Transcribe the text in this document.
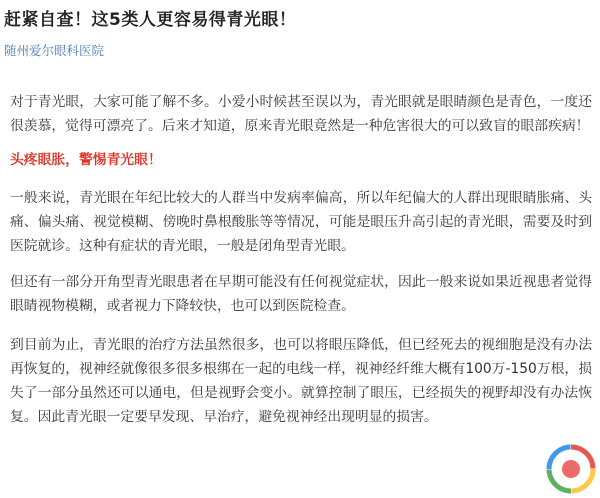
赶紧自查！这5类人更容易得青光眼！
随州爱尔眼科医院

对于青光眼，大家可能了解不多。小爱小时候甚至误以为，青光眼就是眼睛颜色是青色，一度还很羡慕，觉得可漂亮了。后来才知道，原来青光眼竟然是一种危害很大的可以致盲的眼部疾病！

头疼眼胀，警惕青光眼！

一般来说，青光眼在年纪比较大的人群当中发病率偏高，所以年纪偏大的人群出现眼睛胀痛、头痛、偏头痛、视觉模糊、傍晚时鼻根酸胀等等情况，可能是眼压升高引起的青光眼，需要及时到医院就诊。这种有症状的青光眼，一般是闭角型青光眼。

但还有一部分开角型青光眼患者在早期可能没有任何视觉症状，因此一般来说如果近视患者觉得眼睛视物模糊，或者视力下降较快，也可以到医院检查。

到目前为止，青光眼的治疗方法虽然很多，也可以将眼压降低，但已经死去的视细胞是没有办法再恢复的，视神经就像很多很多根绑在一起的电线一样，视神经纤维大概有100万-150万根，损失了一部分虽然还可以通电，但是视野会变小。就算控制了眼压，已经损失的视野却没有办法恢复。因此青光眼一定要早发现、早治疗，避免视神经出现明显的损害。
